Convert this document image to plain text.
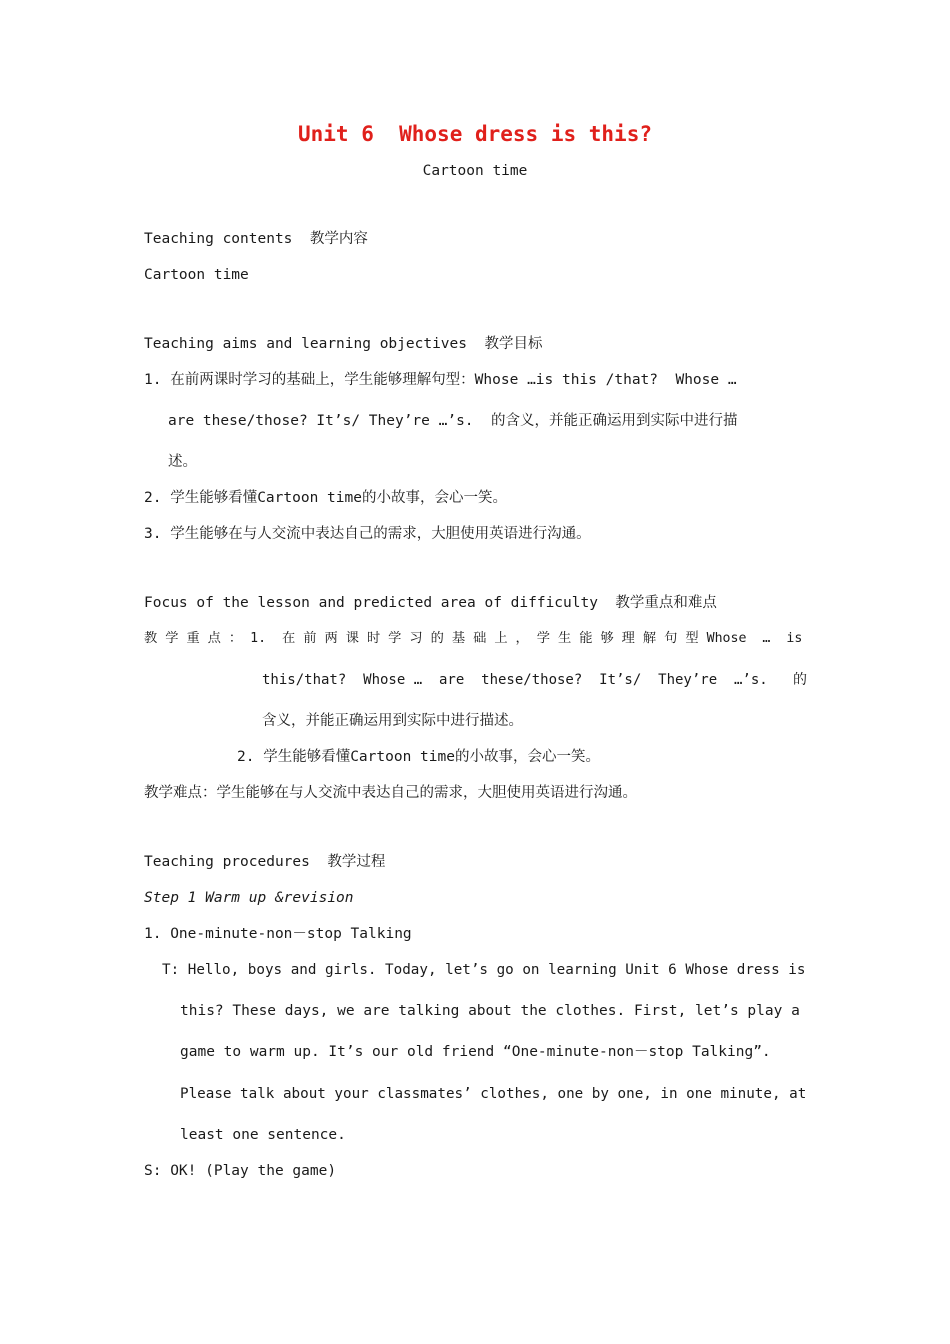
Unit 6  Whose dress is this?
Cartoon time
Teaching contents  教学内容
Cartoon time
Teaching aims and learning objectives  教学目标
1. 在前两课时学习的基础上，学生能够理解句型：Whose …is this /that?  Whose …
are these/those? It’s/ They’re …’s.  的含义，并能正确运用到实际中进行描
述。
2. 学生能够看懂Cartoon time的小故事，会心一笑。
3. 学生能够在与人交流中表达自己的需求，大胆使用英语进行沟通。
Focus of the lesson and predicted area of difficulty  教学重点和难点
教 学 重 点 ： 1.  在 前 两 课 时 学 习 的 基 础 上 ， 学 生 能 够 理 解 句 型 Whose  …  is
this/that?  Whose …  are  these/those?  It’s/  They’re  …’s.   的
含义，并能正确运用到实际中进行描述。
2. 学生能够看懂Cartoon time的小故事，会心一笑。
教学难点：学生能够在与人交流中表达自己的需求，大胆使用英语进行沟通。
Teaching procedures  教学过程
Step 1 Warm up &revision
1. One-minute-non－stop Talking
T: Hello, boys and girls. Today, let’s go on learning Unit 6 Whose dress is
this? These days, we are talking about the clothes. First, let’s play a
game to warm up. It’s our old friend “One-minute-non－stop Talking”.
Please talk about your classmates’ clothes, one by one, in one minute, at
least one sentence.
S: OK! (Play the game)
